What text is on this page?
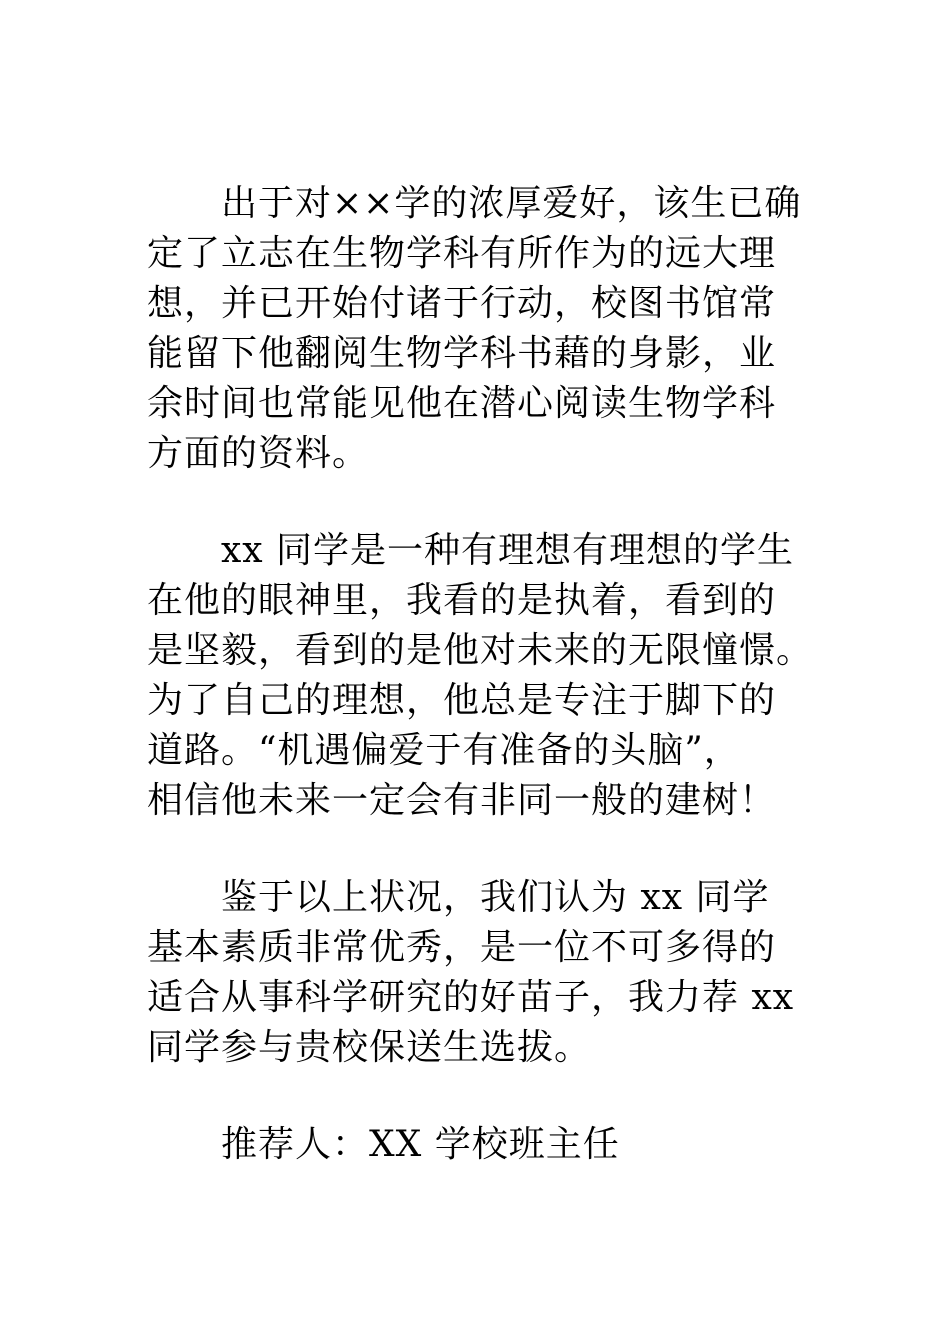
出于对××学的浓厚爱好，该生已确
定了立志在生物学科有所作为的远大理
想，并已开始付诸于行动，校图书馆常
能留下他翻阅生物学科书藉的身影，业
余时间也常能见他在潜心阅读生物学科
方面的资料。
xx 同学是一种有理想有理想的学生
在他的眼神里，我看的是执着，看到的
是坚毅，看到的是他对未来的无限憧憬。
为了自己的理想，他总是专注于脚下的
道路。“机遇偏爱于有准备的头脑”，
相信他未来一定会有非同一般的建树！
鉴于以上状况，我们认为 xx 同学
基本素质非常优秀，是一位不可多得的
适合从事科学研究的好苗子，我力荐 xx
同学参与贵校保送生选拔。
推荐人：XX 学校班主任
